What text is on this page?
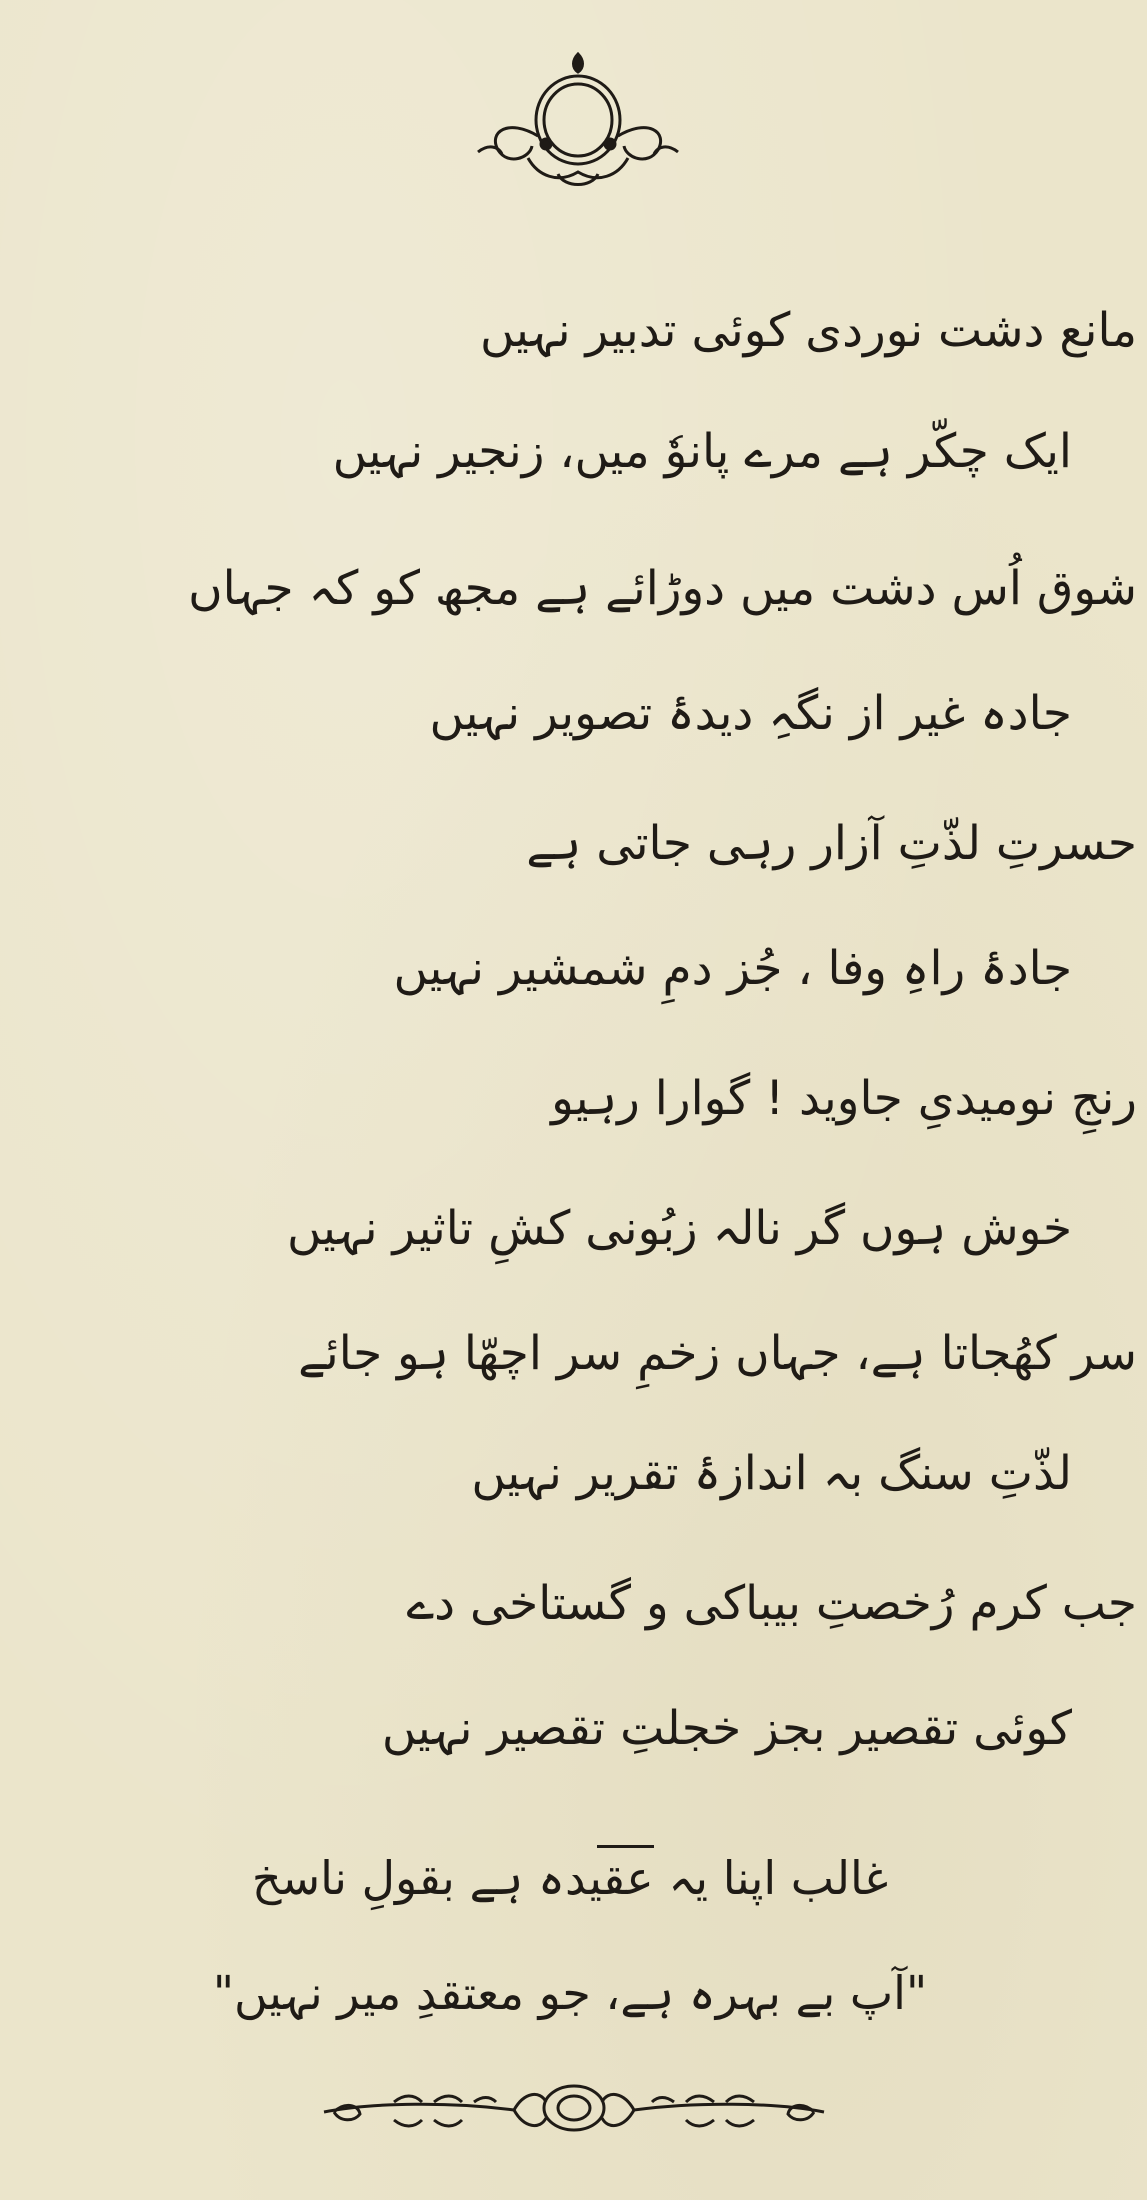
مانع دشت نوردی کوئی تدبیر نہیں
ایک چکّر ہے مرے پانوٗ میں، زنجیر نہیں
شوق اُس دشت میں دوڑائے ہے مجھ کو کہ جہاں
جادہ غیر از نگہِ دیدۂ تصویر نہیں
حسرتِ لذّتِ آزار رہی جاتی ہے
جادۂ راہِ وفا ، جُز دمِ شمشیر نہیں
رنجِ نومیدیِ جاوید ! گوارا رہیو
خوش ہوں گر نالہ زبُونی کشِ تاثیر نہیں
سر کھُجاتا ہے، جہاں زخمِ سر اچھّا ہو جائے
لذّتِ سنگ بہ اندازۂ تقریر نہیں
جب کرم رُخصتِ بیباکی و گستاخی دے
کوئی تقصیر بجز خجلتِ تقصیر نہیں
غالب اپنا یہ عقیدہ ہے بقولِ ناسخ
"آپ بے بہرہ ہے، جو معتقدِ میر نہیں"
